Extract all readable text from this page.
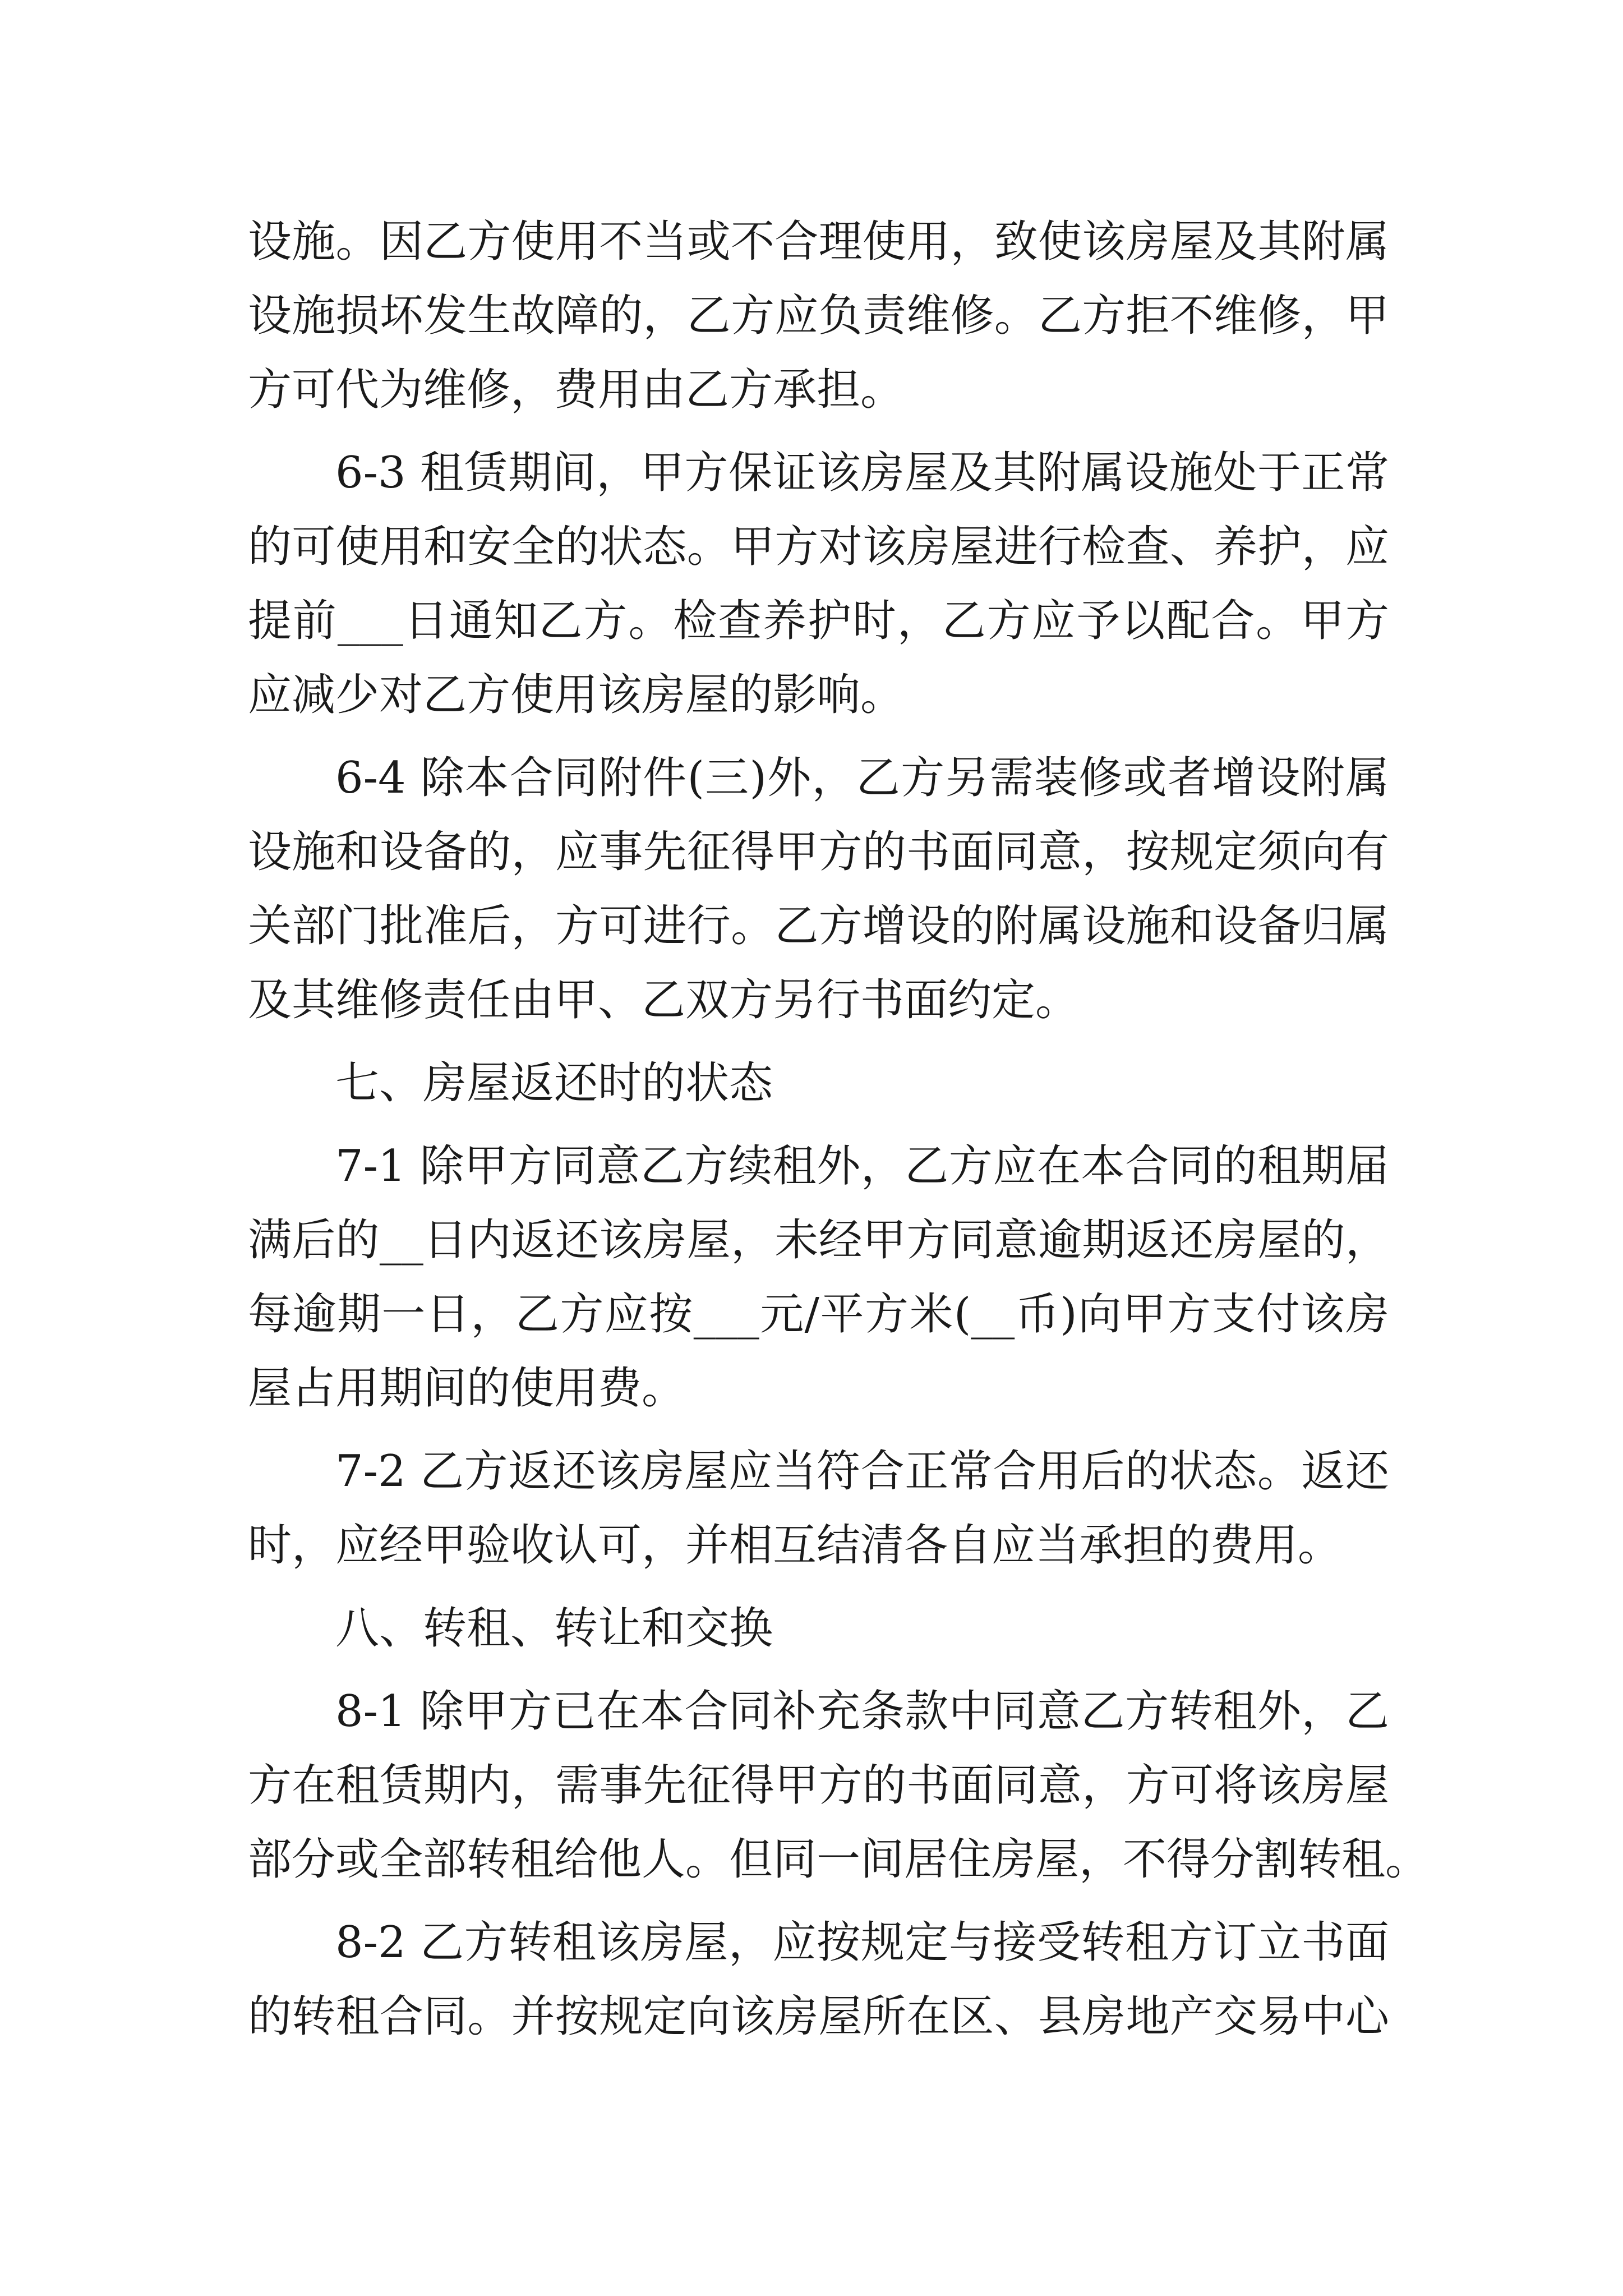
设施。因乙方使用不当或不合理使用，致使该房屋及其附属
设施损坏发生故障的，乙方应负责维修。乙方拒不维修，甲
方可代为维修，费用由乙方承担。
6-3 租赁期间，甲方保证该房屋及其附属设施处于正常
的可使用和安全的状态。甲方对该房屋进行检查、养护，应
提前___日通知乙方。检查养护时，乙方应予以配合。甲方
应减少对乙方使用该房屋的影响。
6-4 除本合同附件(三)外，乙方另需装修或者增设附属
设施和设备的，应事先征得甲方的书面同意，按规定须向有
关部门批准后，方可进行。乙方增设的附属设施和设备归属
及其维修责任由甲、乙双方另行书面约定。
七、房屋返还时的状态
7-1 除甲方同意乙方续租外，乙方应在本合同的租期届
满后的__日内返还该房屋，未经甲方同意逾期返还房屋的，
每逾期一日，乙方应按___元/平方米(__币)向甲方支付该房
屋占用期间的使用费。
7-2 乙方返还该房屋应当符合正常合用后的状态。返还
时，应经甲验收认可，并相互结清各自应当承担的费用。
八、转租、转让和交换
8-1 除甲方已在本合同补充条款中同意乙方转租外，乙
方在租赁期内，需事先征得甲方的书面同意，方可将该房屋
部分或全部转租给他人。但同一间居住房屋，不得分割转租。
8-2 乙方转租该房屋，应按规定与接受转租方订立书面
的转租合同。并按规定向该房屋所在区、县房地产交易中心
